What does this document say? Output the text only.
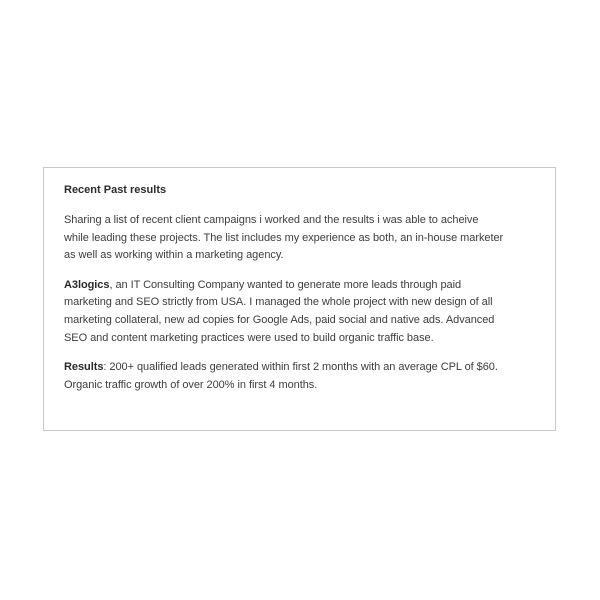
Recent Past results

Sharing a list of recent client campaigns i worked and the results i was able to acheive
while leading these projects. The list includes my experience as both, an in-house marketer
as well as working within a marketing agency.

A3logics, an IT Consulting Company wanted to generate more leads through paid
marketing and SEO strictly from USA. I managed the whole project with new design of all
marketing collateral, new ad copies for Google Ads, paid social and native ads. Advanced
SEO and content marketing practices were used to build organic traffic base.

Results: 200+ qualified leads generated within first 2 months with an average CPL of $60.
Organic traffic growth of over 200% in first 4 months.
